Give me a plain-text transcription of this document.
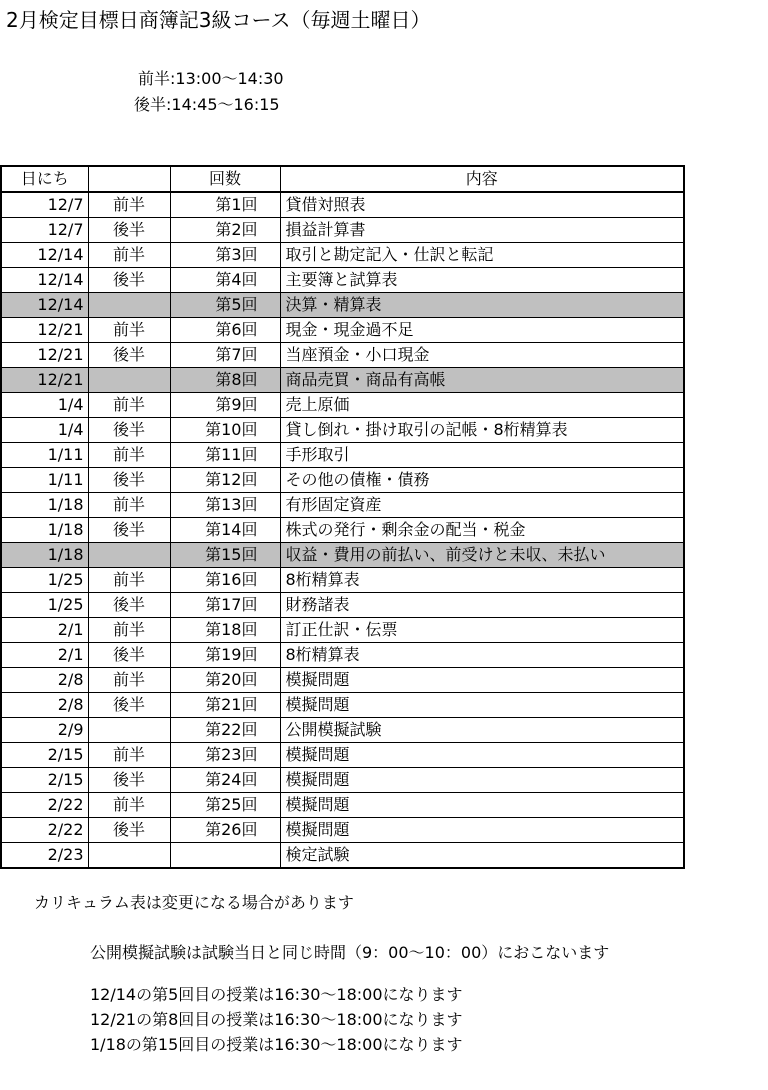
2月検定目標日商簿記3級コース（毎週土曜日）
前半:13:00～14:30
後半:14:45～16:15
日にち		回数	内容
12/7	前半	第1回	貸借対照表
12/7	後半	第2回	損益計算書
12/14	前半	第3回	取引と勘定記入・仕訳と転記
12/14	後半	第4回	主要簿と試算表
12/14		第5回	決算・精算表
12/21	前半	第6回	現金・現金過不足
12/21	後半	第7回	当座預金・小口現金
12/21		第8回	商品売買・商品有高帳
1/4	前半	第9回	売上原価
1/4	後半	第10回	貸し倒れ・掛け取引の記帳・8桁精算表
1/11	前半	第11回	手形取引
1/11	後半	第12回	その他の債権・債務
1/18	前半	第13回	有形固定資産
1/18	後半	第14回	株式の発行・剰余金の配当・税金
1/18		第15回	収益・費用の前払い、前受けと未収、未払い
1/25	前半	第16回	8桁精算表
1/25	後半	第17回	財務諸表
2/1	前半	第18回	訂正仕訳・伝票
2/1	後半	第19回	8桁精算表
2/8	前半	第20回	模擬問題
2/8	後半	第21回	模擬問題
2/9		第22回	公開模擬試験
2/15	前半	第23回	模擬問題
2/15	後半	第24回	模擬問題
2/22	前半	第25回	模擬問題
2/22	後半	第26回	模擬問題
2/23			検定試験
カリキュラム表は変更になる場合があります
公開模擬試験は試験当日と同じ時間（9：00～10：00）におこないます
12/14の第5回目の授業は16:30～18:00になります
12/21の第8回目の授業は16:30～18:00になります
1/18の第15回目の授業は16:30～18:00になります
